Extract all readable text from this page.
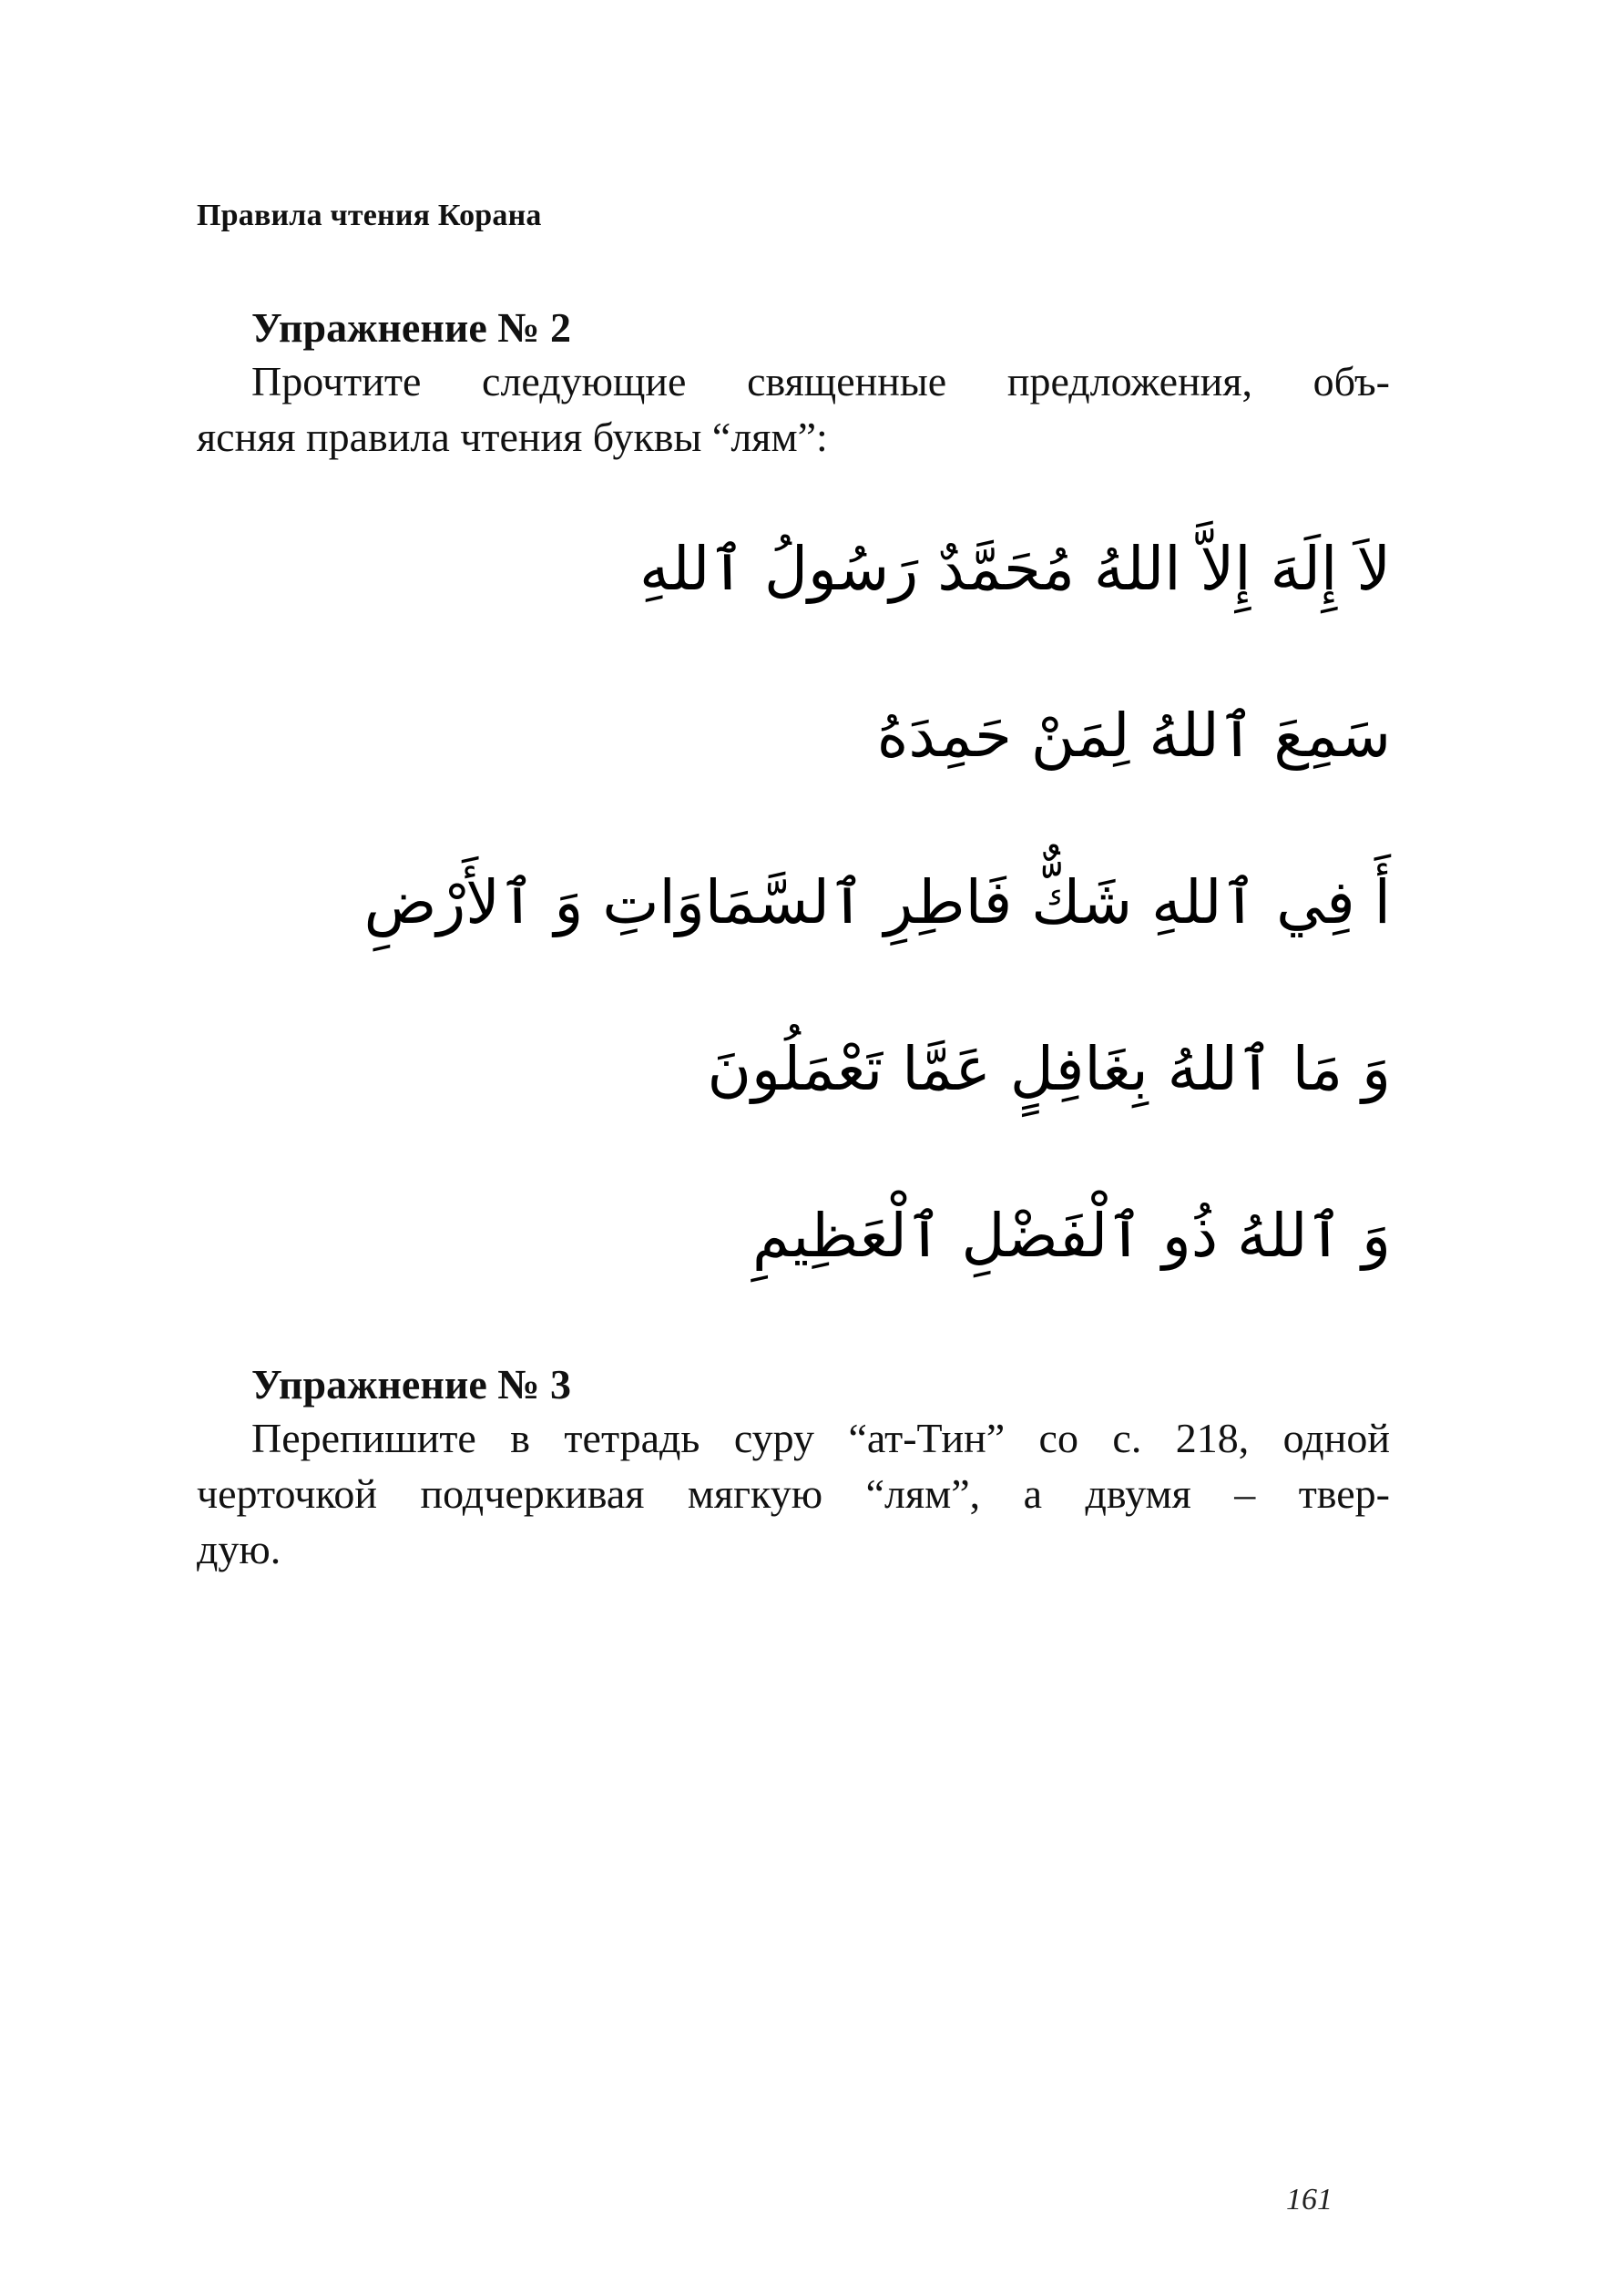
Правила чтения Корана
Упражнение № 2

Прочтите следующие священные предложения, объ-
ясняя правила чтения буквы “лям”:

لاَ إِلَهَ إِلاَّ اللهُ مُحَمَّدٌ رَسُولُ ٱللهِ

سَمِعَ ٱللهُ لِمَنْ حَمِدَهُ

أَ فِي ٱللهِ شَكٌّ فَاطِرِ ٱلسَّمَاوَاتِ وَ ٱلأَرْضِ

وَ مَا ٱللهُ بِغَافِلٍ عَمَّا تَعْمَلُونَ

وَ ٱللهُ ذُو ٱلْفَضْلِ ٱلْعَظِيمِ

Упражнение № 3

Перепишите в тетрадь суру “ат-Тин” со с. 218, одной
черточкой подчеркивая мягкую “лям”, а двумя – твер-
дую.

161
